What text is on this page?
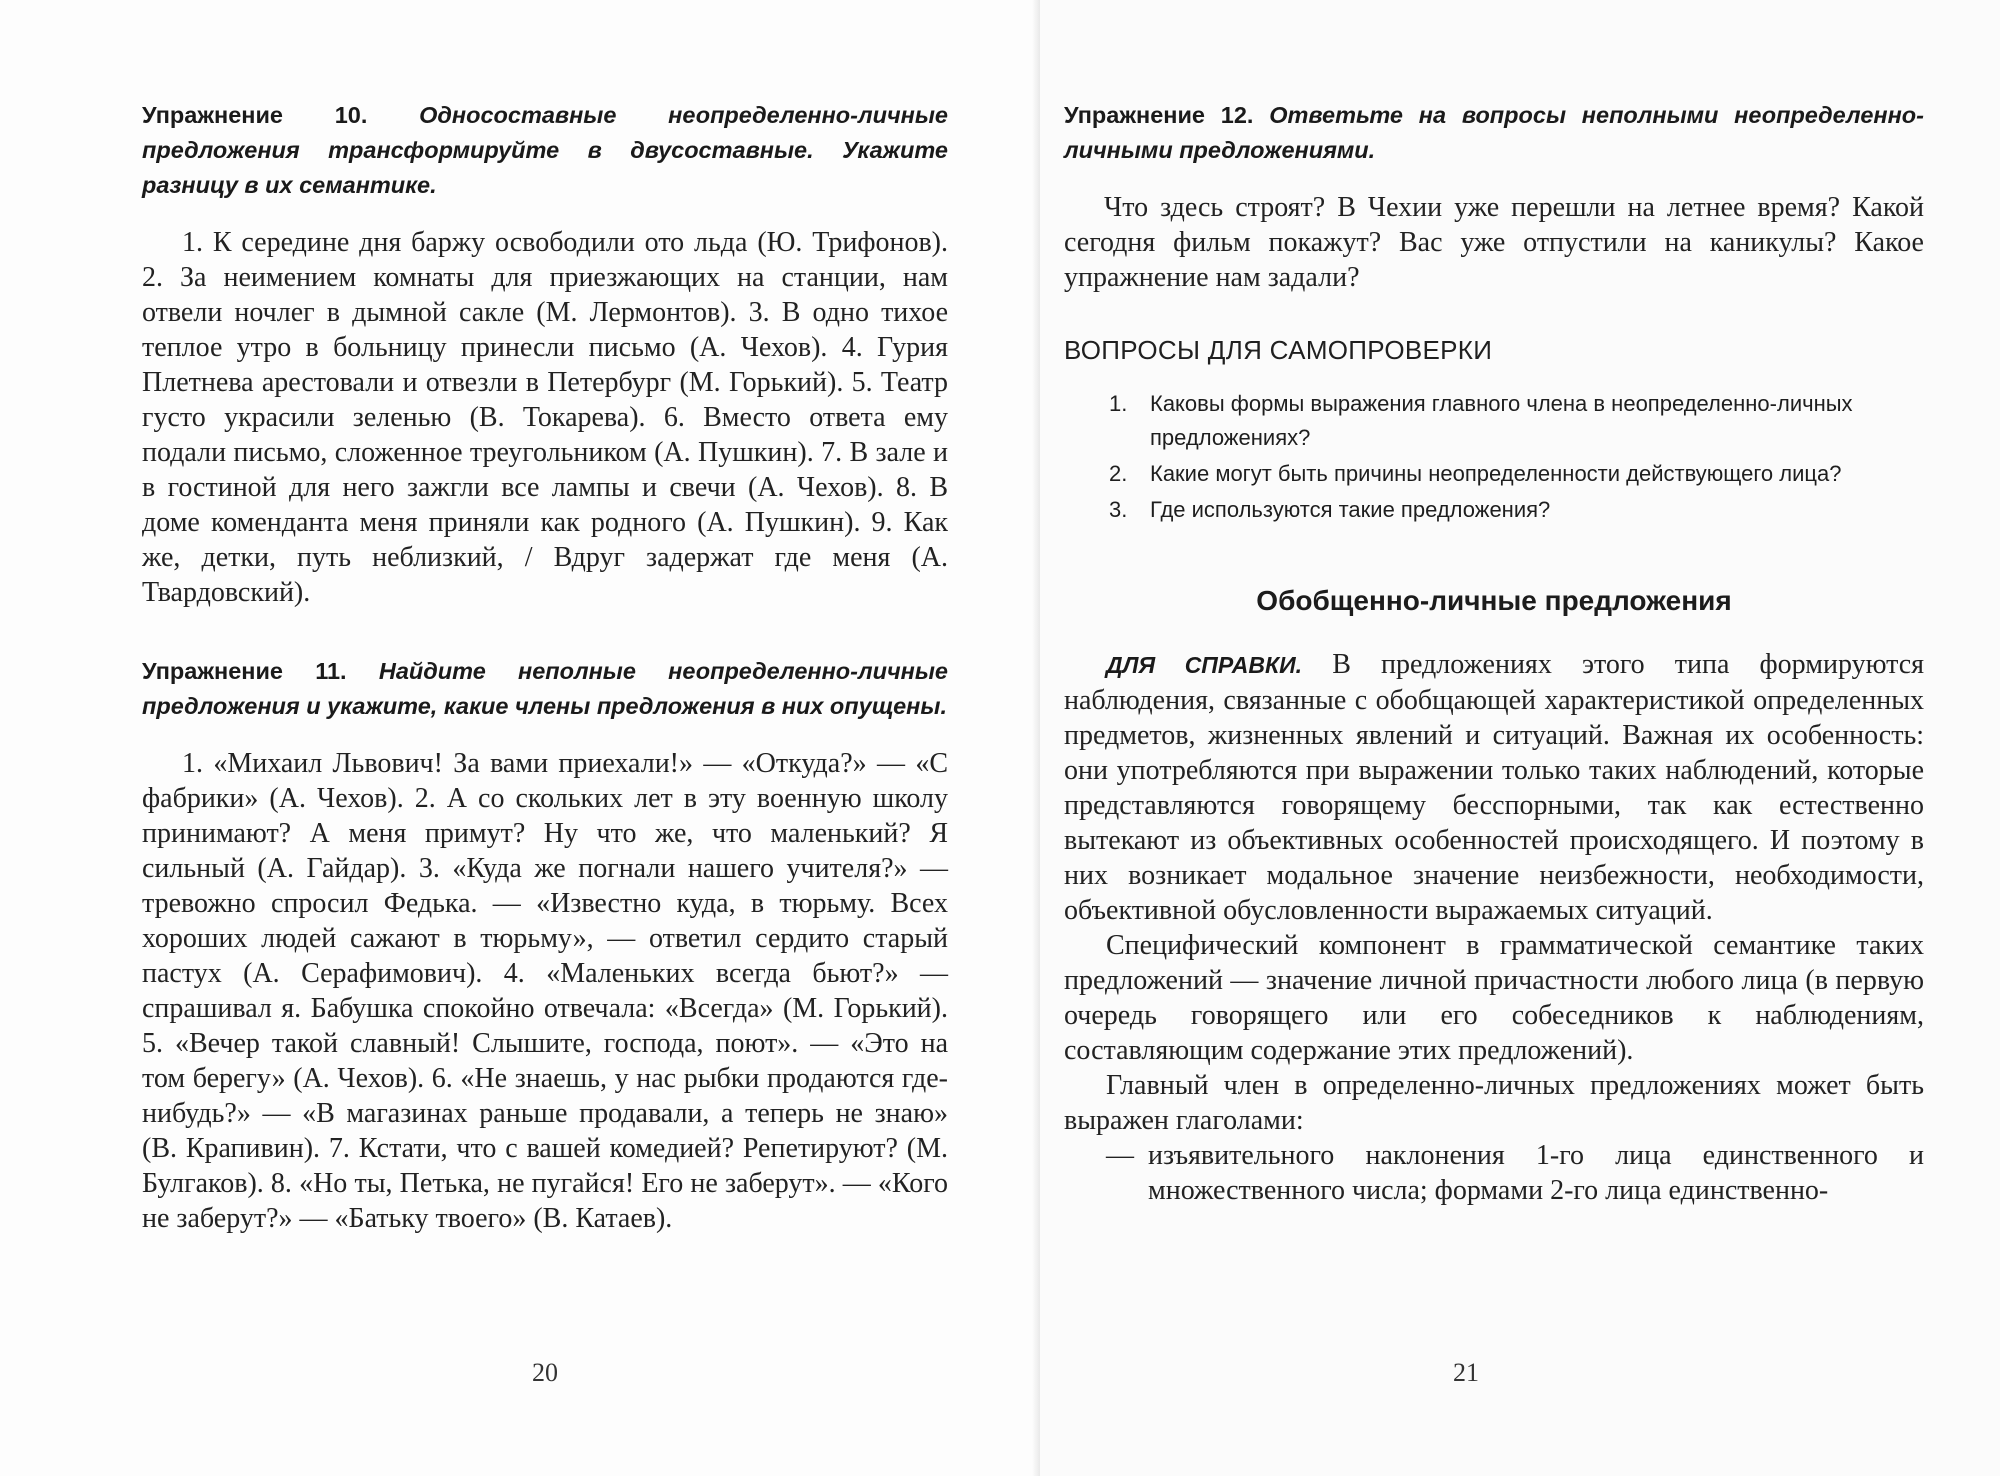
Упражнение 10. Односоставные неопределенно-личные предложения трансформируйте в двусоставные. Укажите разницу в их семантике.

1. К середине дня баржу освободили ото льда (Ю. Трифонов). 2. За неимением комнаты для приезжающих на станции, нам отвели ночлег в дымной сакле (М. Лермонтов). 3. В одно тихое теплое утро в больницу принесли письмо (А. Чехов). 4. Гурия Плетнева арестовали и отвезли в Петербург (М. Горький). 5. Театр густо украсили зеленью (В. Токарева). 6. Вместо ответа ему подали письмо, сложенное треугольником (А. Пушкин). 7. В зале и в гостиной для него зажгли все лампы и свечи (А. Чехов). 8. В доме коменданта меня приняли как родного (А. Пушкин). 9. Как же, детки, путь неблизкий, / Вдруг задержат где меня (А. Твардовский).

Упражнение 11. Найдите неполные неопределенно-личные предложения и укажите, какие члены предложения в них опущены.

1. «Михаил Львович! За вами приехали!» — «Откуда?» — «С фабрики» (А. Чехов). 2. А со скольких лет в эту военную школу принимают? А меня примут? Ну что же, что маленький? Я сильный (А. Гайдар). 3. «Куда же погнали нашего учителя?» — тревожно спросил Федька. — «Известно куда, в тюрьму. Всех хороших людей сажают в тюрьму», — ответил сердито старый пастух (А. Серафимович). 4. «Маленьких всегда бьют?» — спрашивал я. Бабушка спокойно отвечала: «Всегда» (М. Горький). 5. «Вечер такой славный! Слышите, господа, поют». — «Это на том берегу» (А. Чехов). 6. «Не знаешь, у нас рыбки продаются где-нибудь?» — «В магазинах раньше продавали, а теперь не знаю» (В. Крапивин). 7. Кстати, что с вашей комедией? Репетируют? (М. Булгаков). 8. «Но ты, Петька, не пугайся! Его не заберут». — «Кого не заберут?» — «Батьку твоего» (В. Катаев).

20

Упражнение 12. Ответьте на вопросы неполными неопределенно-личными предложениями.

Что здесь строят? В Чехии уже перешли на летнее время? Какой сегодня фильм покажут? Вас уже отпустили на каникулы? Какое упражнение нам задали?

ВОПРОСЫ ДЛЯ САМОПРОВЕРКИ
1. Каковы формы выражения главного члена в неопределенно-личных предложениях?
2. Какие могут быть причины неопределенности действующего лица?
3. Где используются такие предложения?
Обобщенно-личные предложения

ДЛЯ СПРАВКИ. В предложениях этого типа формируются наблюдения, связанные с обобщающей характеристикой определенных предметов, жизненных явлений и ситуаций. Важная их особенность: они употребляются при выражении только таких наблюдений, которые представляются говорящему бесспорными, так как естественно вытекают из объективных особенностей происходящего. И поэтому в них возникает модальное значение неизбежности, необходимости, объективной обусловленности выражаемых ситуаций.

Специфический компонент в грамматической семантике таких предложений — значение личной причастности любого лица (в первую очередь говорящего или его собеседников к наблюдениям, составляющим содержание этих предложений).

Главный член в определенно-личных предложениях может быть выражен глаголами:

— изъявительного наклонения 1-го лица единственного и множественного числа; формами 2-го лица единственно-

21
